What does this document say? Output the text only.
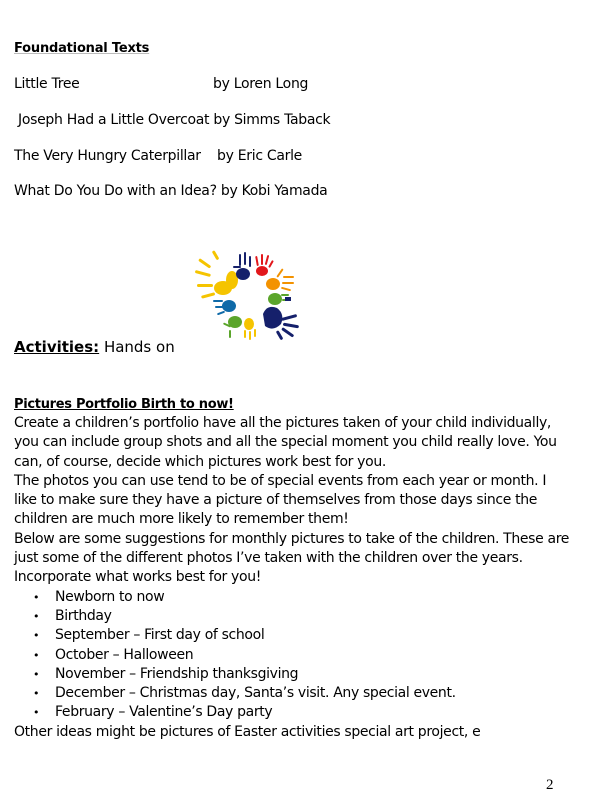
Foundational Texts
Little Tree	by Loren Long
Joseph Had a Little Overcoat by Simms Taback
The Very Hungry Caterpillar by Eric Carle
What Do You Do with an Idea? by Kobi Yamada
Activities: Hands on
Pictures Portfolio Birth to now!

Create a children’s portfolio have all the pictures taken of your child individually,

you can include group shots and all the special moment you child really love. You

can, of course, decide which pictures work best for you.

The photos you can use tend to be of special events from each year or month. I

like to make sure they have a picture of themselves from those days since the

children are much more likely to remember them!

Below are some suggestions for monthly pictures to take of the children. These are

just some of the different photos I’ve taken with the children over the years.

Incorporate what works best for you!

• Newborn to now
• Birthday
• September – First day of school
• October – Halloween
• November – Friendship thanksgiving
• December – Christmas day, Santa’s visit. Any special event.
• February – Valentine’s Day party

Other ideas might be pictures of Easter activities special art project, e

2
